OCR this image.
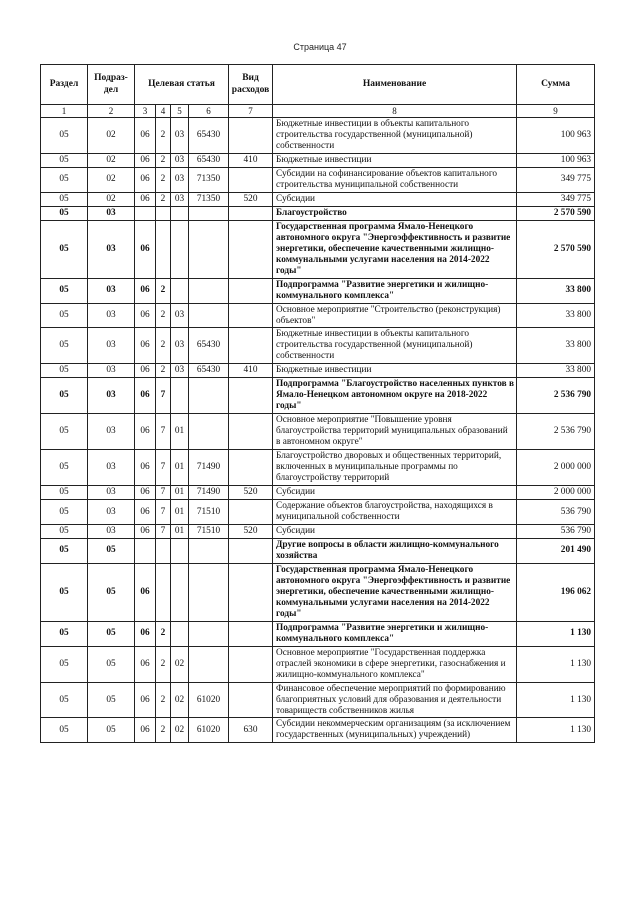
Страница 47
Раздел	Подраз-дел	Целевая статья				Вид расходов	Наименование	Сумма
1	2	3	4	5	6	7	8	9
05	02	06	2	03	65430		Бюджетные инвестиции в объекты капитального строительства государственной (муниципальной) собственности	100 963
05	02	06	2	03	65430	410	Бюджетные инвестиции	100 963
05	02	06	2	03	71350		Субсидии на софинансирование объектов капитального строительства муниципальной собственности	349 775
05	02	06	2	03	71350	520	Субсидии	349 775
05	03						Благоустройство	2 570 590
05	03	06					Государственная программа Ямало-Ненецкого автономного округа "Энергоэффективность и развитие энергетики, обеспечение качественными жилищно-коммунальными услугами населения на 2014-2022 годы"	2 570 590
05	03	06	2				Подпрограмма "Развитие энергетики и жилищно-коммунального комплекса"	33 800
05	03	06	2	03			Основное мероприятие "Строительство (реконструкция) объектов"	33 800
05	03	06	2	03	65430		Бюджетные инвестиции в объекты капитального строительства государственной (муниципальной) собственности	33 800
05	03	06	2	03	65430	410	Бюджетные инвестиции	33 800
05	03	06	7				Подпрограмма "Благоустройство населенных пунктов в Ямало-Ненецком автономном округе на 2018-2022 годы"	2 536 790
05	03	06	7	01			Основное мероприятие "Повышение уровня благоустройства территорий муниципальных образований в автономном округе"	2 536 790
05	03	06	7	01	71490		Благоустройство дворовых и общественных территорий, включенных в муниципальные программы по благоустройству территорий	2 000 000
05	03	06	7	01	71490	520	Субсидии	2 000 000
05	03	06	7	01	71510		Содержание объектов благоустройства, находящихся в муниципальной собственности	536 790
05	03	06	7	01	71510	520	Субсидии	536 790
05	05						Другие вопросы в области жилищно-коммунального хозяйства	201 490
05	05	06					Государственная программа Ямало-Ненецкого автономного округа "Энергоэффективность и развитие энергетики, обеспечение качественными жилищно-коммунальными услугами населения на 2014-2022 годы"	196 062
05	05	06	2				Подпрограмма "Развитие энергетики и жилищно-коммунального комплекса"	1 130
05	05	06	2	02			Основное мероприятие "Государственная поддержка отраслей экономики в сфере энергетики, газоснабжения и жилищно-коммунального комплекса"	1 130
05	05	06	2	02	61020		Финансовое обеспечение мероприятий по формированию благоприятных условий для образования и деятельности товариществ собственников жилья	1 130
05	05	06	2	02	61020	630	Субсидии некоммерческим организациям (за исключением государственных (муниципальных) учреждений)	1 130
